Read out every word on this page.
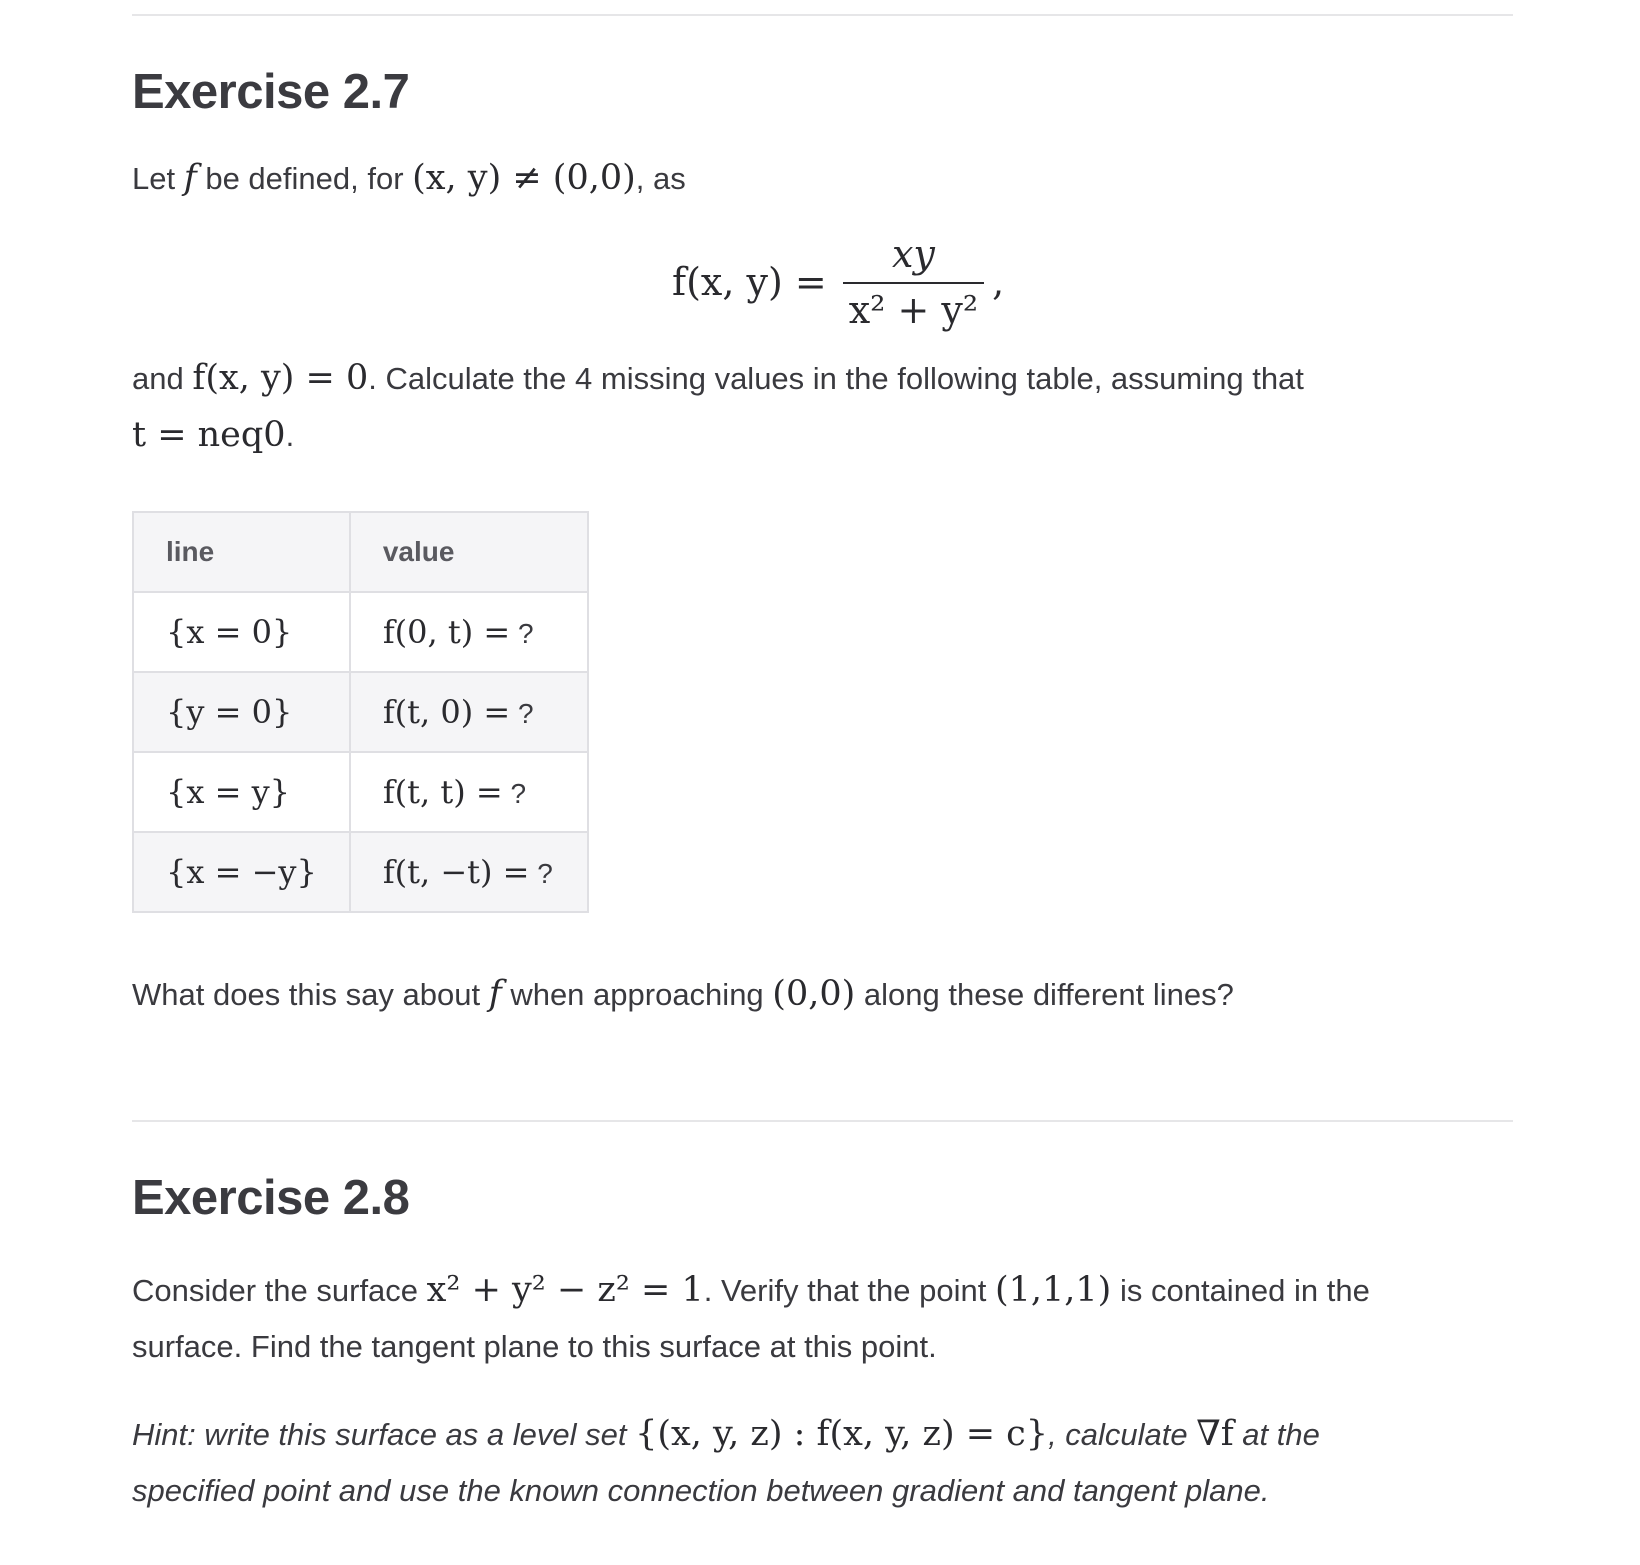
Exercise 2.7

Let f be defined, for (x, y) ≠ (0,0), as

f(x, $y) = \frac{xy}{\text{x² + y²}}$ ,

and f(x, y) = 0. Calculate the 4 missing values in the following table, assuming that
t = neq0.

line	value
{x = 0}	f(0, t) = ?
{y = 0}	f(t, 0) = ?
{x = y}	f(t, t) = ?
{x = −y}	f(t, −t) = ?

What does this say about f when approaching (0,0) along these different lines?

Exercise 2.8

Consider the surface x² + y² − z² = 1. Verify that the point (1,1,1) is contained in the
surface. Find the tangent plane to this surface at this point.

Hint: write this surface as a level set {(x, y, z) : f(x, y, z) = c}, calculate ∇f at the
specified point and use the known connection between gradient and tangent plane.
